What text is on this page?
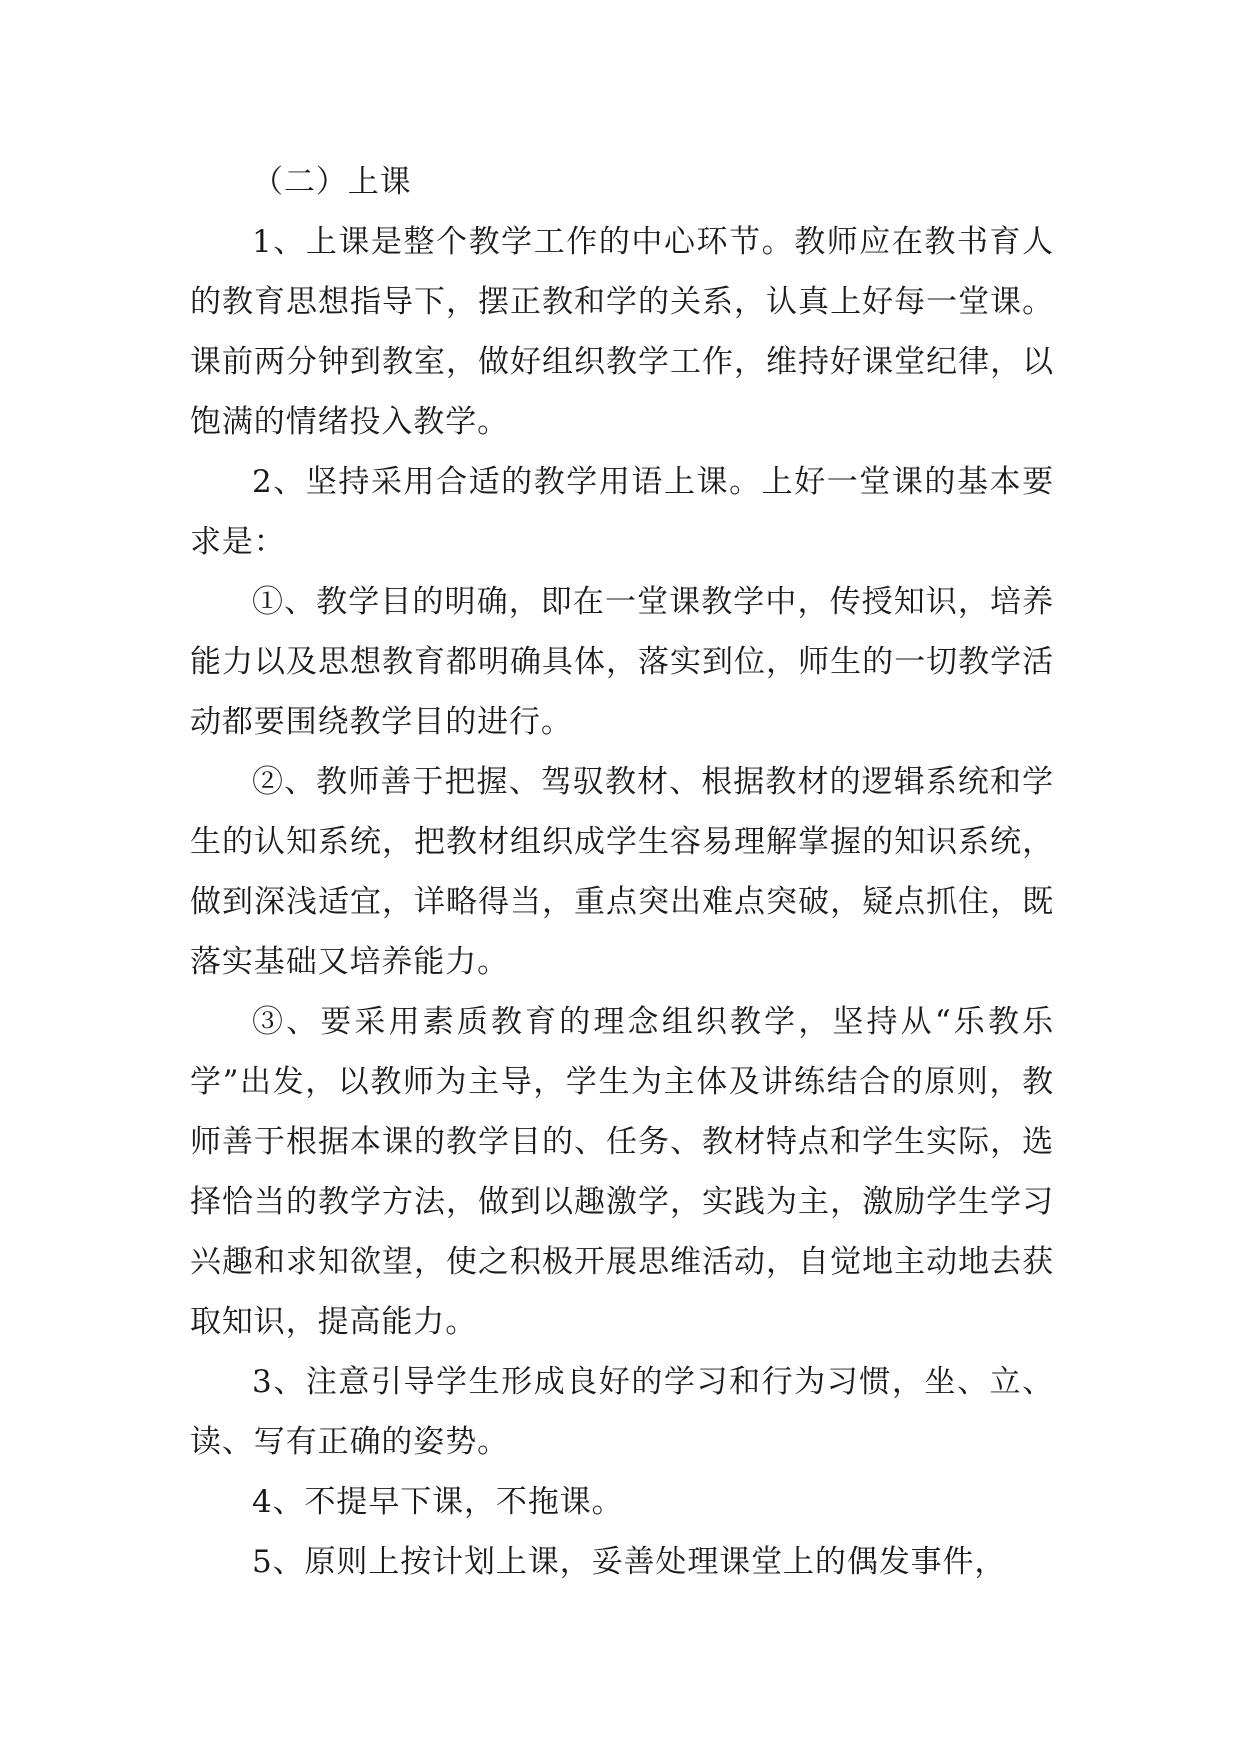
（二）上课

1、上课是整个教学工作的中心环节。教师应在教书育人的教育思想指导下，摆正教和学的关系，认真上好每一堂课。课前两分钟到教室，做好组织教学工作，维持好课堂纪律，以饱满的情绪投入教学。

2、坚持采用合适的教学用语上课。上好一堂课的基本要求是：

①、教学目的明确，即在一堂课教学中，传授知识，培养能力以及思想教育都明确具体，落实到位，师生的一切教学活动都要围绕教学目的进行。

②、教师善于把握、驾驭教材、根据教材的逻辑系统和学生的认知系统，把教材组织成学生容易理解掌握的知识系统，做到深浅适宜，详略得当，重点突出难点突破，疑点抓住，既落实基础又培养能力。

③、要采用素质教育的理念组织教学，坚持从“乐教乐学”出发，以教师为主导，学生为主体及讲练结合的原则，教师善于根据本课的教学目的、任务、教材特点和学生实际，选择恰当的教学方法，做到以趣激学，实践为主，激励学生学习兴趣和求知欲望，使之积极开展思维活动，自觉地主动地去获取知识，提高能力。

3、注意引导学生形成良好的学习和行为习惯，坐、立、读、写有正确的姿势。

4、不提早下课，不拖课。

5、原则上按计划上课，妥善处理课堂上的偶发事件，
